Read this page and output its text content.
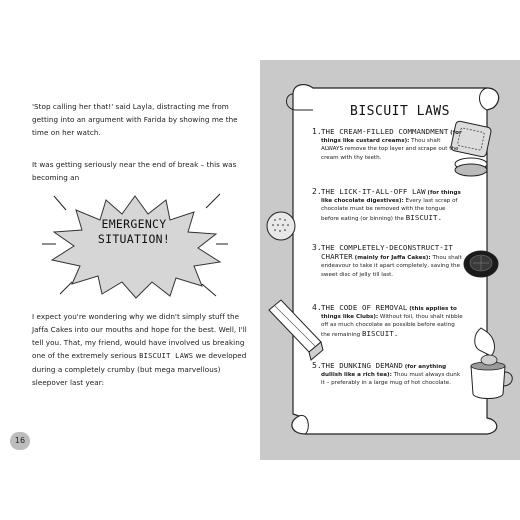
'Stop calling her that!' said Layla, distracting me from getting into an argument with Farida by showing me the time on her watch.

It was getting seriously near the end of break – this was becoming an

EMERGENCY
SITUATION!

I expect you're wondering why we didn't simply stuff the Jaffa Cakes into our mouths and hope for the best. Well, I'll tell you. That, my friend, would have involved us breaking one of the extremely serious BISCUIT LAWS we developed during a completely crumby (but mega marvellous) sleepover last year:

16
BISCUIT LAWS
1. THE CREAM-FILLED COMMANDMENT (for things like custard creams): Thou shalt ALWAYS remove the top layer and scrape out the cream with thy teeth.
2. THE LICK-IT-ALL-OFF LAW (for things like chocolate digestives): Every last scrap of chocolate must be removed with the tongue before eating (or binning) the BISCUIT.
3. THE COMPLETELY-DECONSTRUCT-IT CHARTER (mainly for Jaffa Cakes): Thou shalt endeavour to take it apart completely, saving the sweet disc of jelly till last.
4. THE CODE OF REMOVAL (this applies to things like Clubs): Without foil, thou shalt nibble off as much chocolate as possible before eating the remaining BISCUIT.
5. THE DUNKING DEMAND (for anything dullish like a rich tea): Thou must always dunk it – preferably in a large mug of hot chocolate.
